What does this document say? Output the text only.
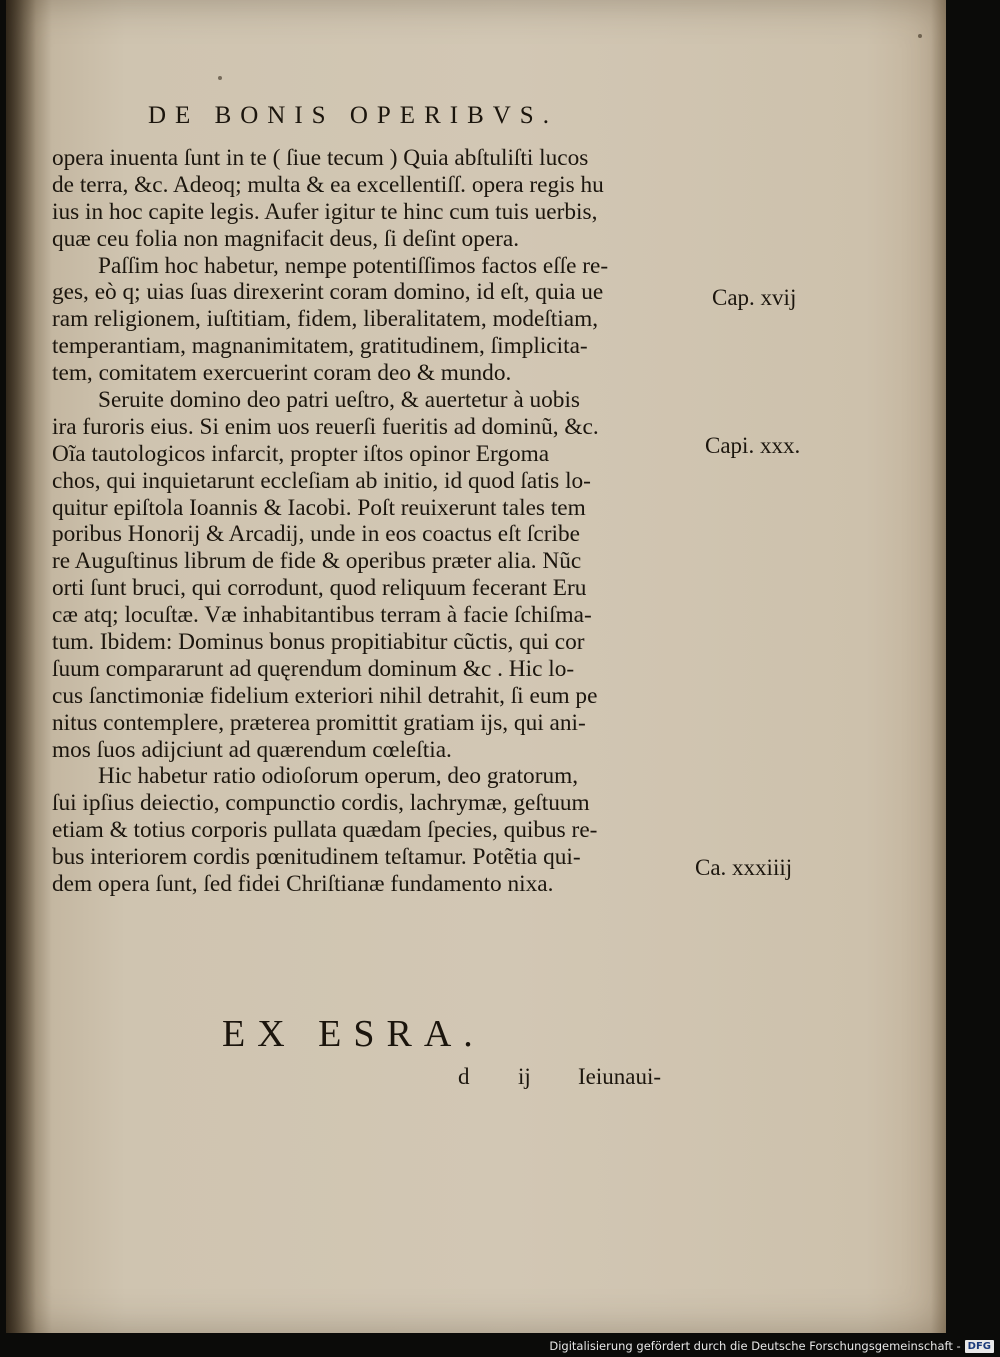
DE BONIS OPERIBVS.
opera inuenta ſunt in te ( ſiue tecum ) Quia abſtuliſti lucos
de terra, &c. Adeoq; multa & ea excellentiſſ. opera regis hu
ius in hoc capite legis. Aufer igitur te hinc cum tuis uerbis,
quæ ceu folia non magnifacit deus, ſi deſint opera.
Paſſim hoc habetur, nempe potentiſſimos factos eſſe re-
ges, eò q; uias ſuas direxerint coram domino, id eſt, quia ue
ram religionem, iuſtitiam, fidem, liberalitatem, modeſtiam,
temperantiam, magnanimitatem, gratitudinem, ſimplicita-
tem, comitatem exercuerint coram deo & mundo.
Seruite domino deo patri ueſtro, & auertetur à uobis
ira furoris eius. Si enim uos reuerſi fueritis ad dominũ, &c.
Oĩa tautologicos infarcit, propter iſtos opinor Ergoma
chos, qui inquietarunt eccleſiam ab initio, id quod ſatis lo-
quitur epiſtola Ioannis & Iacobi. Poſt reuixerunt tales tem
poribus Honorij & Arcadij, unde in eos coactus eſt ſcribe
re Auguſtinus librum de fide & operibus præter alia. Nũc
orti ſunt bruci, qui corrodunt, quod reliquum fecerant Eru
cæ atq; locuſtæ. Væ inhabitantibus terram à facie ſchiſma-
tum. Ibidem: Dominus bonus propitiabitur cũctis, qui cor
ſuum compararunt ad quęrendum dominum &c . Hic lo-
cus ſanctimoniæ fidelium exteriori nihil detrahit, ſi eum pe
nitus contemplere, præterea promittit gratiam ijs, qui ani-
mos ſuos adijciunt ad quærendum cœleſtia.
Hic habetur ratio odioſorum operum, deo gratorum,
ſui ipſius deiectio, compunctio cordis, lachrymæ, geſtuum
etiam & totius corporis pullata quædam ſpecies, quibus re-
bus interiorem cordis pœnitudinem teſtamur. Potẽtia qui-
dem opera ſunt, ſed fidei Chriſtianæ fundamento nixa.
Cap. xvij
Capi. xxx.
Ca. xxxiiij
EX ESRA.
d ij Ieiunaui-
Digitalisierung gefördert durch die Deutsche Forschungsgemeinschaft - DFG
